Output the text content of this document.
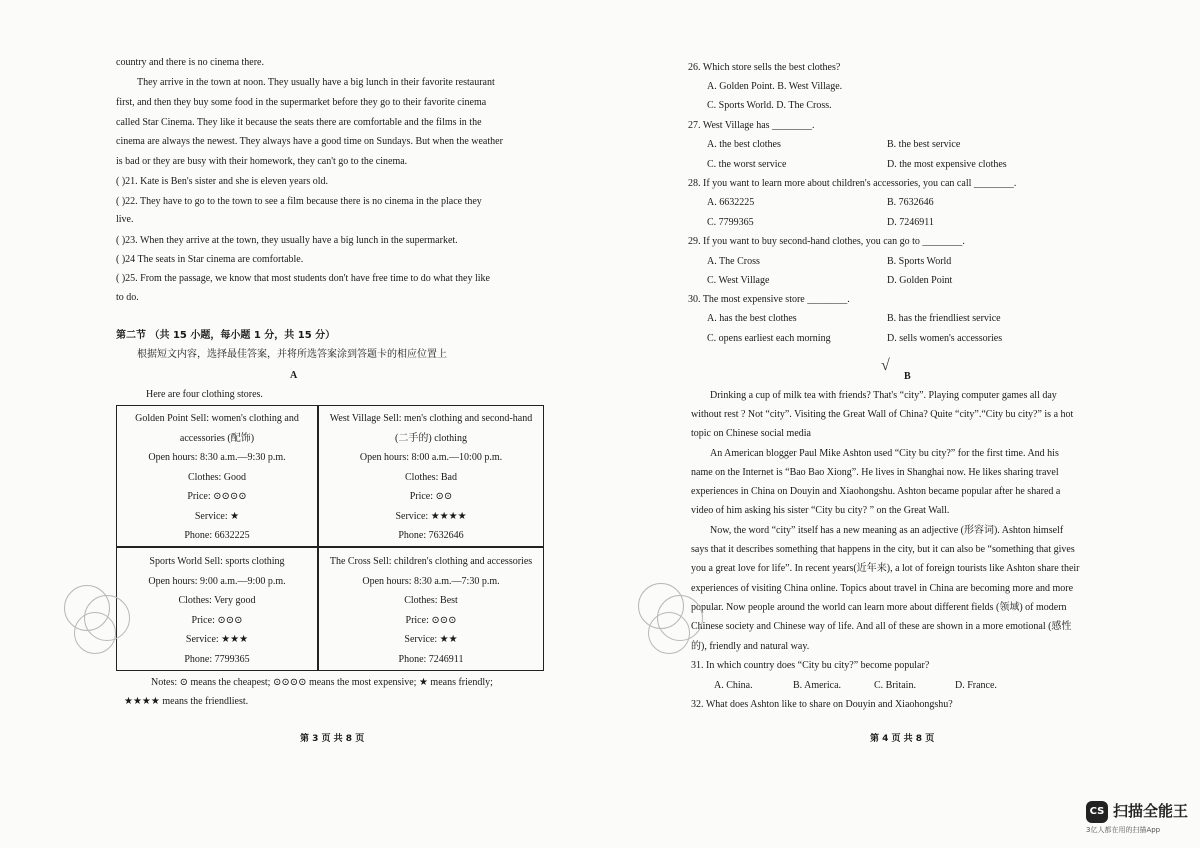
country and there is no cinema there.
They arrive in the town at noon. They usually have a big lunch in their favorite restaurant
first, and then they buy some food in the supermarket before they go to their favorite cinema
called Star Cinema. They like it because the seats there are comfortable and the films in the
cinema are always the newest. They always have a good time on Sundays. But when the weather
is bad or they are busy with their homework, they can't go to the cinema.
( )21. Kate is Ben's sister and she is eleven years old.
( )22. They have to go to the town to see a film because there is no cinema in the place they
live.
( )23. When they arrive at the town, they usually have a big lunch in the supermarket.
( )24 The seats in Star cinema are comfortable.
( )25. From the passage, we know that most students don't have free time to do what they like
to do.
第二节 （共 15 小题，每小题 1 分，共 15 分）
根据短文内容，选择最佳答案，并将所选答案涂到答题卡的相应位置上
A
Here are four clothing stores.
Golden Point Sell: women's clothing and
accessories (配饰)
Open hours: 8:30 a.m.—9:30 p.m.
Clothes: Good
Price: ⊙⊙⊙⊙
Service: ★
Phone: 6632225
West Village Sell: men's clothing and second-hand
(二手的) clothing
Open hours: 8:00 a.m.—10:00 p.m.
Clothes: Bad
Price: ⊙⊙
Service: ★★★★
Phone: 7632646
Sports World Sell: sports clothing
Open hours: 9:00 a.m.—9:00 p.m.
Clothes: Very good
Price: ⊙⊙⊙
Service: ★★★
Phone: 7799365
The Cross Sell: children's clothing and accessories
Open hours: 8:30 a.m.—7:30 p.m.
Clothes: Best
Price: ⊙⊙⊙
Service: ★★
Phone: 7246911
Notes: ⊙ means the cheapest; ⊙⊙⊙⊙ means the most expensive; ★ means friendly;
★★★★ means the friendliest.
第 3 页 共 8 页
26. Which store sells the best clothes?
A. Golden Point. B. West Village.
C. Sports World. D. The Cross.
27. West Village has ________.
A. the best clothes	B. the best service
C. the worst service	D. the most expensive clothes
28. If you want to learn more about children's accessories, you can call ________.
A. 6632225	B. 7632646
C. 7799365	D. 7246911
29. If you want to buy second-hand clothes, you can go to ________.
A. The Cross	B. Sports World
C. West Village	D. Golden Point
30. The most expensive store ________.
A. has the best clothes	B. has the friendliest service
C. opens earliest each morning	D. sells women's accessories
B
Drinking a cup of milk tea with friends? That's “city”. Playing computer games all day
without rest ? Not “city”. Visiting the Great Wall of China? Quite “city”.“City bu city?” is a hot
topic on Chinese social media
An American blogger Paul Mike Ashton used “City bu city?” for the first time. And his
name on the Internet is “Bao Bao Xiong”. He lives in Shanghai now. He likes sharing travel
experiences in China on Douyin and Xiaohongshu. Ashton became popular after he shared a
video of him asking his sister “City bu city? ” on the Great Wall.
Now, the word “city” itself has a new meaning as an adjective (形容词). Ashton himself
says that it describes something that happens in the city, but it can also be “something that gives
you a great love for life”. In recent years(近年来), a lot of foreign tourists like Ashton share their
experiences of visiting China online. Topics about travel in China are becoming more and more
popular. Now people around the world can learn more about different fields (领域) of modern
Chinese society and Chinese way of life. And all of these are shown in a more emotional (感性
的), friendly and natural way.
31. In which country does “City bu city?” become popular?
A. China.	B. America.	C. Britain.	D. France.
32. What does Ashton like to share on Douyin and Xiaohongshu?
第 4 页 共 8 页
√
CS 扫描全能王
3亿人都在用的扫描App
